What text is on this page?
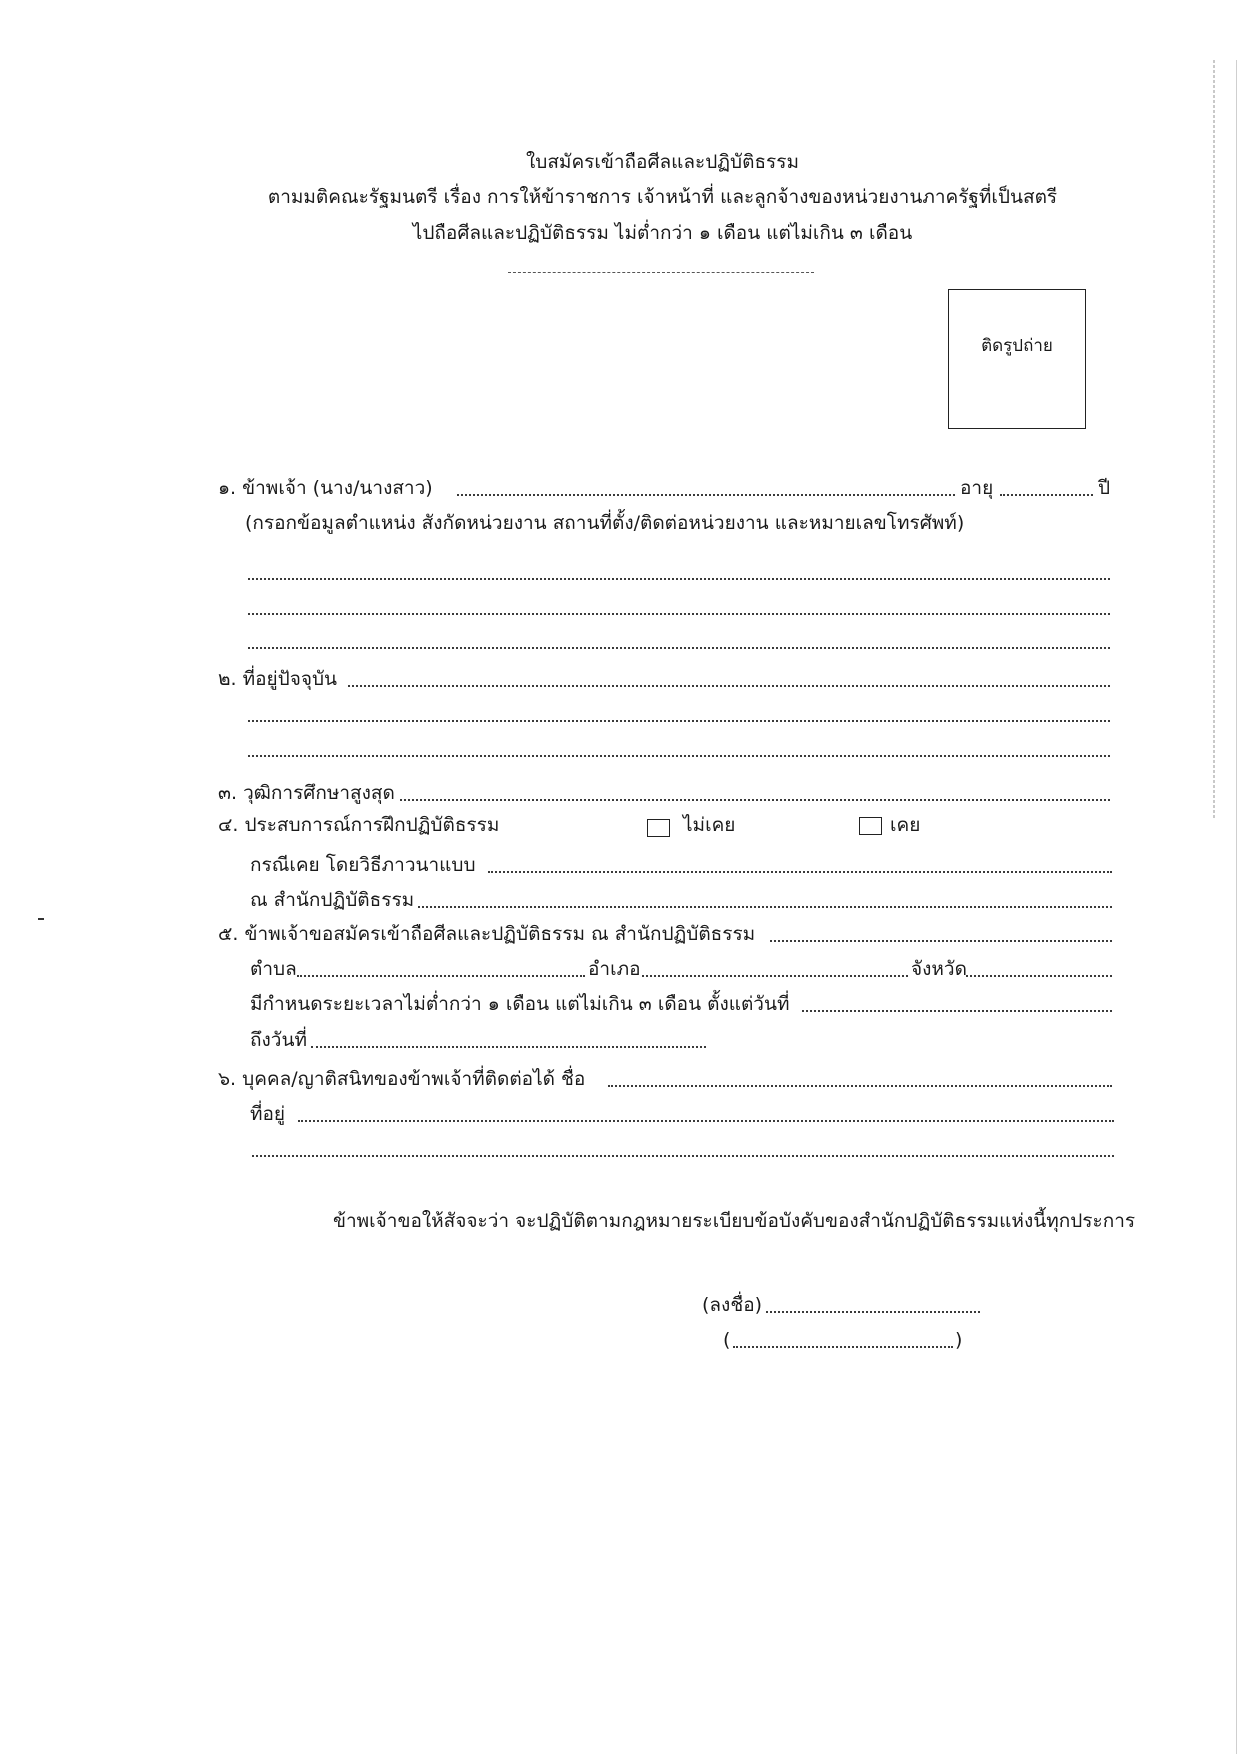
ใบสมัครเข้าถือศีลและปฏิบัติธรรม
ตามมติคณะรัฐมนตรี เรื่อง การให้ข้าราชการ เจ้าหน้าที่ และลูกจ้างของหน่วยงานภาครัฐที่เป็นสตรี
ไปถือศีลและปฏิบัติธรรม ไม่ต่ำกว่า ๑ เดือน แต่ไม่เกิน ๓ เดือน
ติดรูปถ่าย
๑. ข้าพเจ้า (นาง/นางสาว)	อายุ	ปี
(กรอกข้อมูลตำแหน่ง สังกัดหน่วยงาน สถานที่ตั้ง/ติดต่อหน่วยงาน และหมายเลขโทรศัพท์)
๒. ที่อยู่ปัจจุบัน
๓. วุฒิการศึกษาสูงสุด
๔. ประสบการณ์การฝึกปฏิบัติธรรม	ไม่เคย	เคย
กรณีเคย โดยวิธีภาวนาแบบ
ณ สำนักปฏิบัติธรรม
๕. ข้าพเจ้าขอสมัครเข้าถือศีลและปฏิบัติธรรม ณ สำนักปฏิบัติธรรม
ตำบล	อำเภอ	จังหวัด
มีกำหนดระยะเวลาไม่ต่ำกว่า ๑ เดือน แต่ไม่เกิน ๓ เดือน ตั้งแต่วันที่
ถึงวันที่
๖. บุคคล/ญาติสนิทของข้าพเจ้าที่ติดต่อได้ ชื่อ
ที่อยู่
ข้าพเจ้าขอให้สัจจะว่า จะปฏิบัติตามกฎหมายระเบียบข้อบังคับของสำนักปฏิบัติธรรมแห่งนี้ทุกประการ
(ลงชื่อ)
(	)
